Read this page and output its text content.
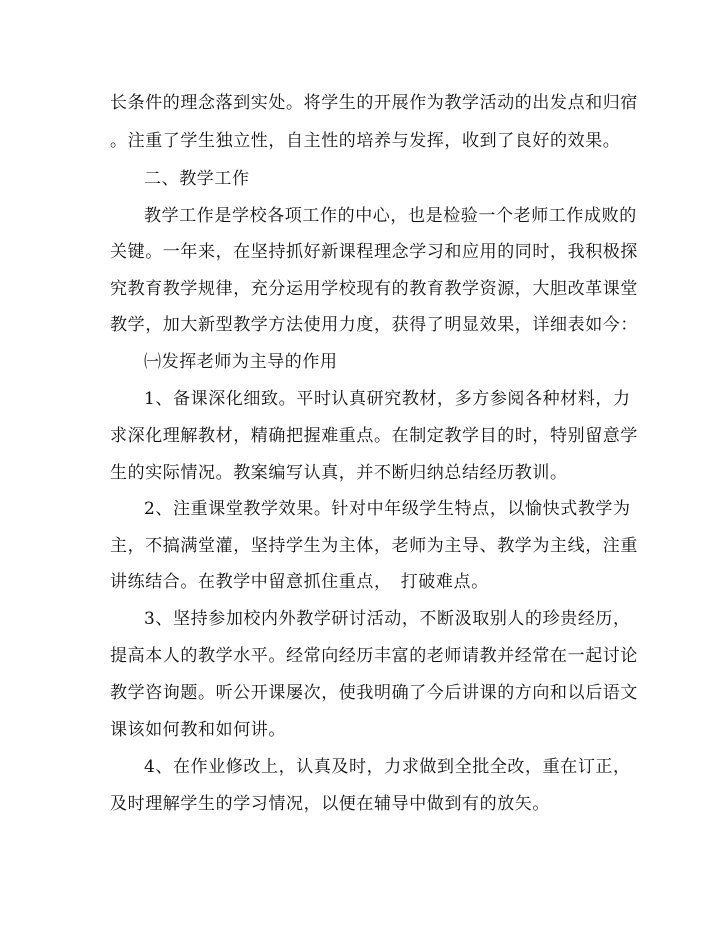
长条件的理念落到实处。将学生的开展作为教学活动的出发点和归宿
。注重了学生独立性，自主性的培养与发挥，收到了良好的效果。
二、教学工作
教学工作是学校各项工作的中心，也是检验一个老师工作成败的
关键。一年来，在坚持抓好新课程理念学习和应用的同时，我积极探
究教育教学规律，充分运用学校现有的教育教学资源，大胆改革课堂
教学，加大新型教学方法使用力度，获得了明显效果，详细表如今：
㈠发挥老师为主导的作用
1、备课深化细致。平时认真研究教材，多方参阅各种材料，力
求深化理解教材，精确把握难重点。在制定教学目的时，特别留意学
生的实际情况。教案编写认真，并不断归纳总结经历教训。
2、注重课堂教学效果。针对中年级学生特点，以愉快式教学为
主，不搞满堂灌，坚持学生为主体，老师为主导、教学为主线，注重
讲练结合。在教学中留意抓住重点，　打破难点。
3、坚持参加校内外教学研讨活动，不断汲取别人的珍贵经历，
提高本人的教学水平。经常向经历丰富的老师请教并经常在一起讨论
教学咨询题。听公开课屡次，使我明确了今后讲课的方向和以后语文
课该如何教和如何讲。
4、在作业修改上，认真及时，力求做到全批全改，重在订正，
及时理解学生的学习情况，以便在辅导中做到有的放矢。
